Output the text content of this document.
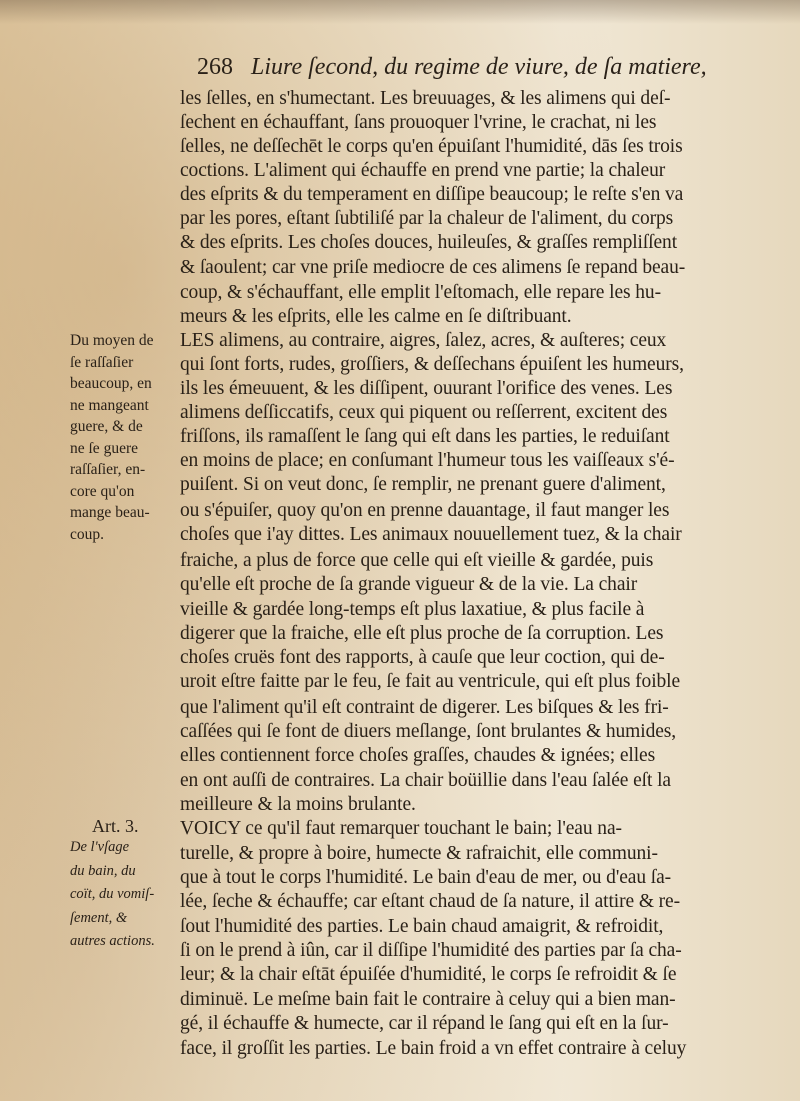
268 Liure ſecond, du regime de viure, de ſa matiere,
les ſelles, en s'humectant. Les breuuages, & les alimens qui deſ-
ſechent en échauffant, ſans prouoquer l'vrine, le crachat, ni les
ſelles, ne deſſechēt le corps qu'en épuiſant l'humidité, dās ſes trois
coctions. L'aliment qui échauffe en prend vne partie; la chaleur
des eſprits & du temperament en diſſipe beaucoup; le reſte s'en va
par les pores, eſtant ſubtiliſé par la chaleur de l'aliment, du corps
& des eſprits. Les choſes douces, huileuſes, & graſſes rempliſſent
& ſaoulent; car vne priſe mediocre de ces alimens ſe repand beau-
coup, & s'échauffant, elle emplit l'eſtomach, elle repare les hu-
meurs & les eſprits, elle les calme en ſe diſtribuant.
LES alimens, au contraire, aigres, ſalez, acres, & auſteres; ceux
qui ſont forts, rudes, groſſiers, & deſſechans épuiſent les humeurs,
ils les émeuuent, & les diſſipent, ouurant l'orifice des venes. Les
alimens deſſiccatifs, ceux qui piquent ou reſſerrent, excitent des
friſſons, ils ramaſſent le ſang qui eſt dans les parties, le reduiſant
en moins de place; en conſumant l'humeur tous les vaiſſeaux s'é-
puiſent. Si on veut donc, ſe remplir, ne prenant guere d'aliment,
ou s'épuiſer, quoy qu'on en prenne dauantage, il faut manger les
choſes que i'ay dittes. Les animaux nouuellement tuez, & la chair
fraiche, a plus de force que celle qui eſt vieille & gardée, puis
qu'elle eſt proche de ſa grande vigueur & de la vie. La chair
vieille & gardée long-temps eſt plus laxatiue, & plus facile à
digerer que la fraiche, elle eſt plus proche de ſa corruption. Les
choſes cruës font des rapports, à cauſe que leur coction, qui de-
uroit eſtre faitte par le feu, ſe fait au ventricule, qui eſt plus foible
que l'aliment qu'il eſt contraint de digerer. Les biſques & les fri-
caſſées qui ſe font de diuers meſlange, ſont brulantes & humides,
elles contiennent force choſes graſſes, chaudes & ignées; elles
en ont auſſi de contraires. La chair boüillie dans l'eau ſalée eſt la
meilleure & la moins brulante.
VOICY ce qu'il faut remarquer touchant le bain; l'eau na-
turelle, & propre à boire, humecte & rafraichit, elle communi-
que à tout le corps l'humidité. Le bain d'eau de mer, ou d'eau ſa-
lée, ſeche & échauffe; car eſtant chaud de ſa nature, il attire & re-
ſout l'humidité des parties. Le bain chaud amaigrit, & refroidit,
ſi on le prend à iûn, car il diſſipe l'humidité des parties par ſa cha-
leur; & la chair eſtāt épuiſée d'humidité, le corps ſe refroidit & ſe
diminuë. Le meſme bain fait le contraire à celuy qui a bien man-
gé, il échauffe & humecte, car il répand le ſang qui eſt en la ſur-
face, il groſſit les parties. Le bain froid a vn effet contraire à celuy
Du moyen de
ſe raſſaſier
beaucoup, en
ne mangeant
guere, & de
ne ſe guere
raſſaſier, en-
core qu'on
mange beau-
coup.
Art. 3.
De l'vſage
du bain, du
coït, du vomiſ-
ſement, &
autres actions.
